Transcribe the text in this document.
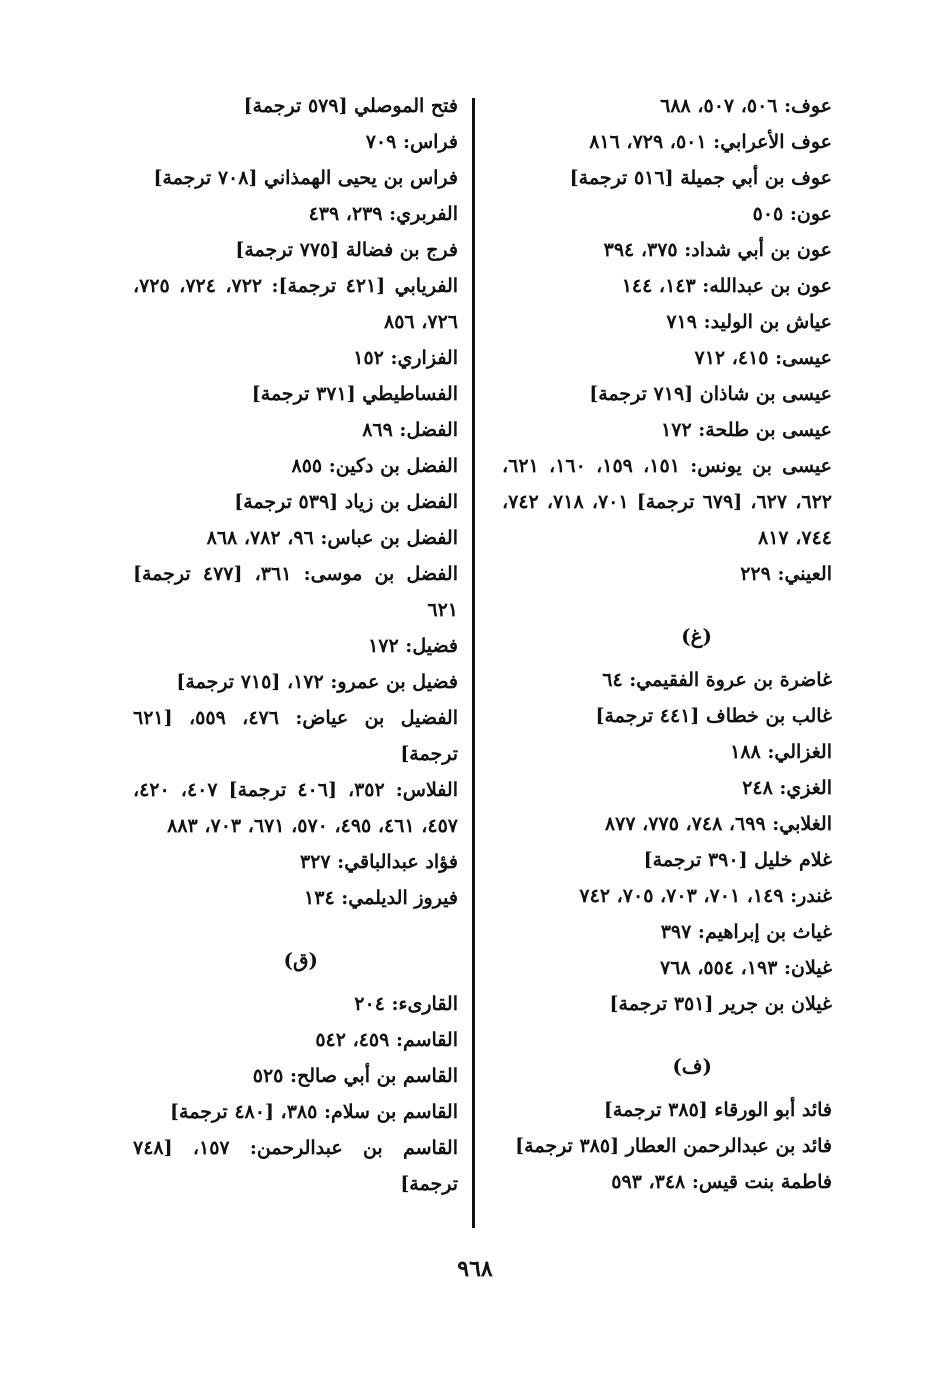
عوف: ٥٠٦، ٥٠٧، ٦٨٨

عوف الأعرابي: ٥٠١، ٧٢٩، ٨١٦

عوف بن أبي جميلة [٥١٦ ترجمة]

عون: ٥٠٥

عون بن أبي شداد: ٣٧٥، ٣٩٤

عون بن عبدالله: ١٤٣، ١٤٤

عياش بن الوليد: ٧١٩

عيسى: ٤١٥، ٧١٢

عيسى بن شاذان [٧١٩ ترجمة]

عيسى بن طلحة: ١٧٢

عيسى بن يونس: ١٥١، ١٥٩، ١٦٠، ٦٢١، ٦٢٢، ٦٢٧، [٦٧٩ ترجمة] ٧٠١، ٧١٨، ٧٤٢، ٧٤٤، ٨١٧

العيني: ٢٢٩

(غ)

غاضرة بن عروة الفقيمي: ٦٤

غالب بن خطاف [٤٤١ ترجمة]

الغزالي: ١٨٨

الغزي: ٢٤٨

الغلابي: ٦٩٩، ٧٤٨، ٧٧٥، ٨٧٧

غلام خليل [٣٩٠ ترجمة]

غندر: ١٤٩، ٧٠١، ٧٠٣، ٧٠٥، ٧٤٢

غياث بن إبراهيم: ٣٩٧

غيلان: ١٩٣، ٥٥٤، ٧٦٨

غيلان بن جرير [٣٥١ ترجمة]

(ف)

فائد أبو الورقاء [٣٨٥ ترجمة]

فائد بن عبدالرحمن العطار [٣٨٥ ترجمة]

فاطمة بنت قيس: ٣٤٨، ٥٩٣

فتح الموصلي [٥٧٩ ترجمة]

فراس: ٧٠٩

فراس بن يحيى الهمذاني [٧٠٨ ترجمة]

الفربري: ٢٣٩، ٤٣٩

فرج بن فضالة [٧٧٥ ترجمة]

الفريابي [٤٢١ ترجمة]: ٧٢٢، ٧٢٤، ٧٢٥، ٧٢٦، ٨٥٦

الفزاري: ١٥٢

الفساطيطي [٣٧١ ترجمة]

الفضل: ٨٦٩

الفضل بن دكين: ٨٥٥

الفضل بن زياد [٥٣٩ ترجمة]

الفضل بن عباس: ٩٦، ٧٨٢، ٨٦٨

الفضل بن موسى: ٣٦١، [٤٧٧ ترجمة] ٦٢١

فضيل: ١٧٢

فضيل بن عمرو: ١٧٢، [٧١٥ ترجمة]

الفضيل بن عياض: ٤٧٦، ٥٥٩، [٦٢١ ترجمة]

الفلاس: ٣٥٢، [٤٠٦ ترجمة] ٤٠٧، ٤٢٠، ٤٥٧، ٤٦١، ٤٩٥، ٥٧٠، ٦٧١، ٧٠٣، ٨٨٣

فؤاد عبدالباقي: ٣٢٧

فيروز الديلمي: ١٣٤

(ق)

القارىء: ٢٠٤

القاسم: ٤٥٩، ٥٤٢

القاسم بن أبي صالح: ٥٢٥

القاسم بن سلام: ٣٨٥، [٤٨٠ ترجمة]

القاسم بن عبدالرحمن: ١٥٧، [٧٤٨ ترجمة]

٩٦٨
